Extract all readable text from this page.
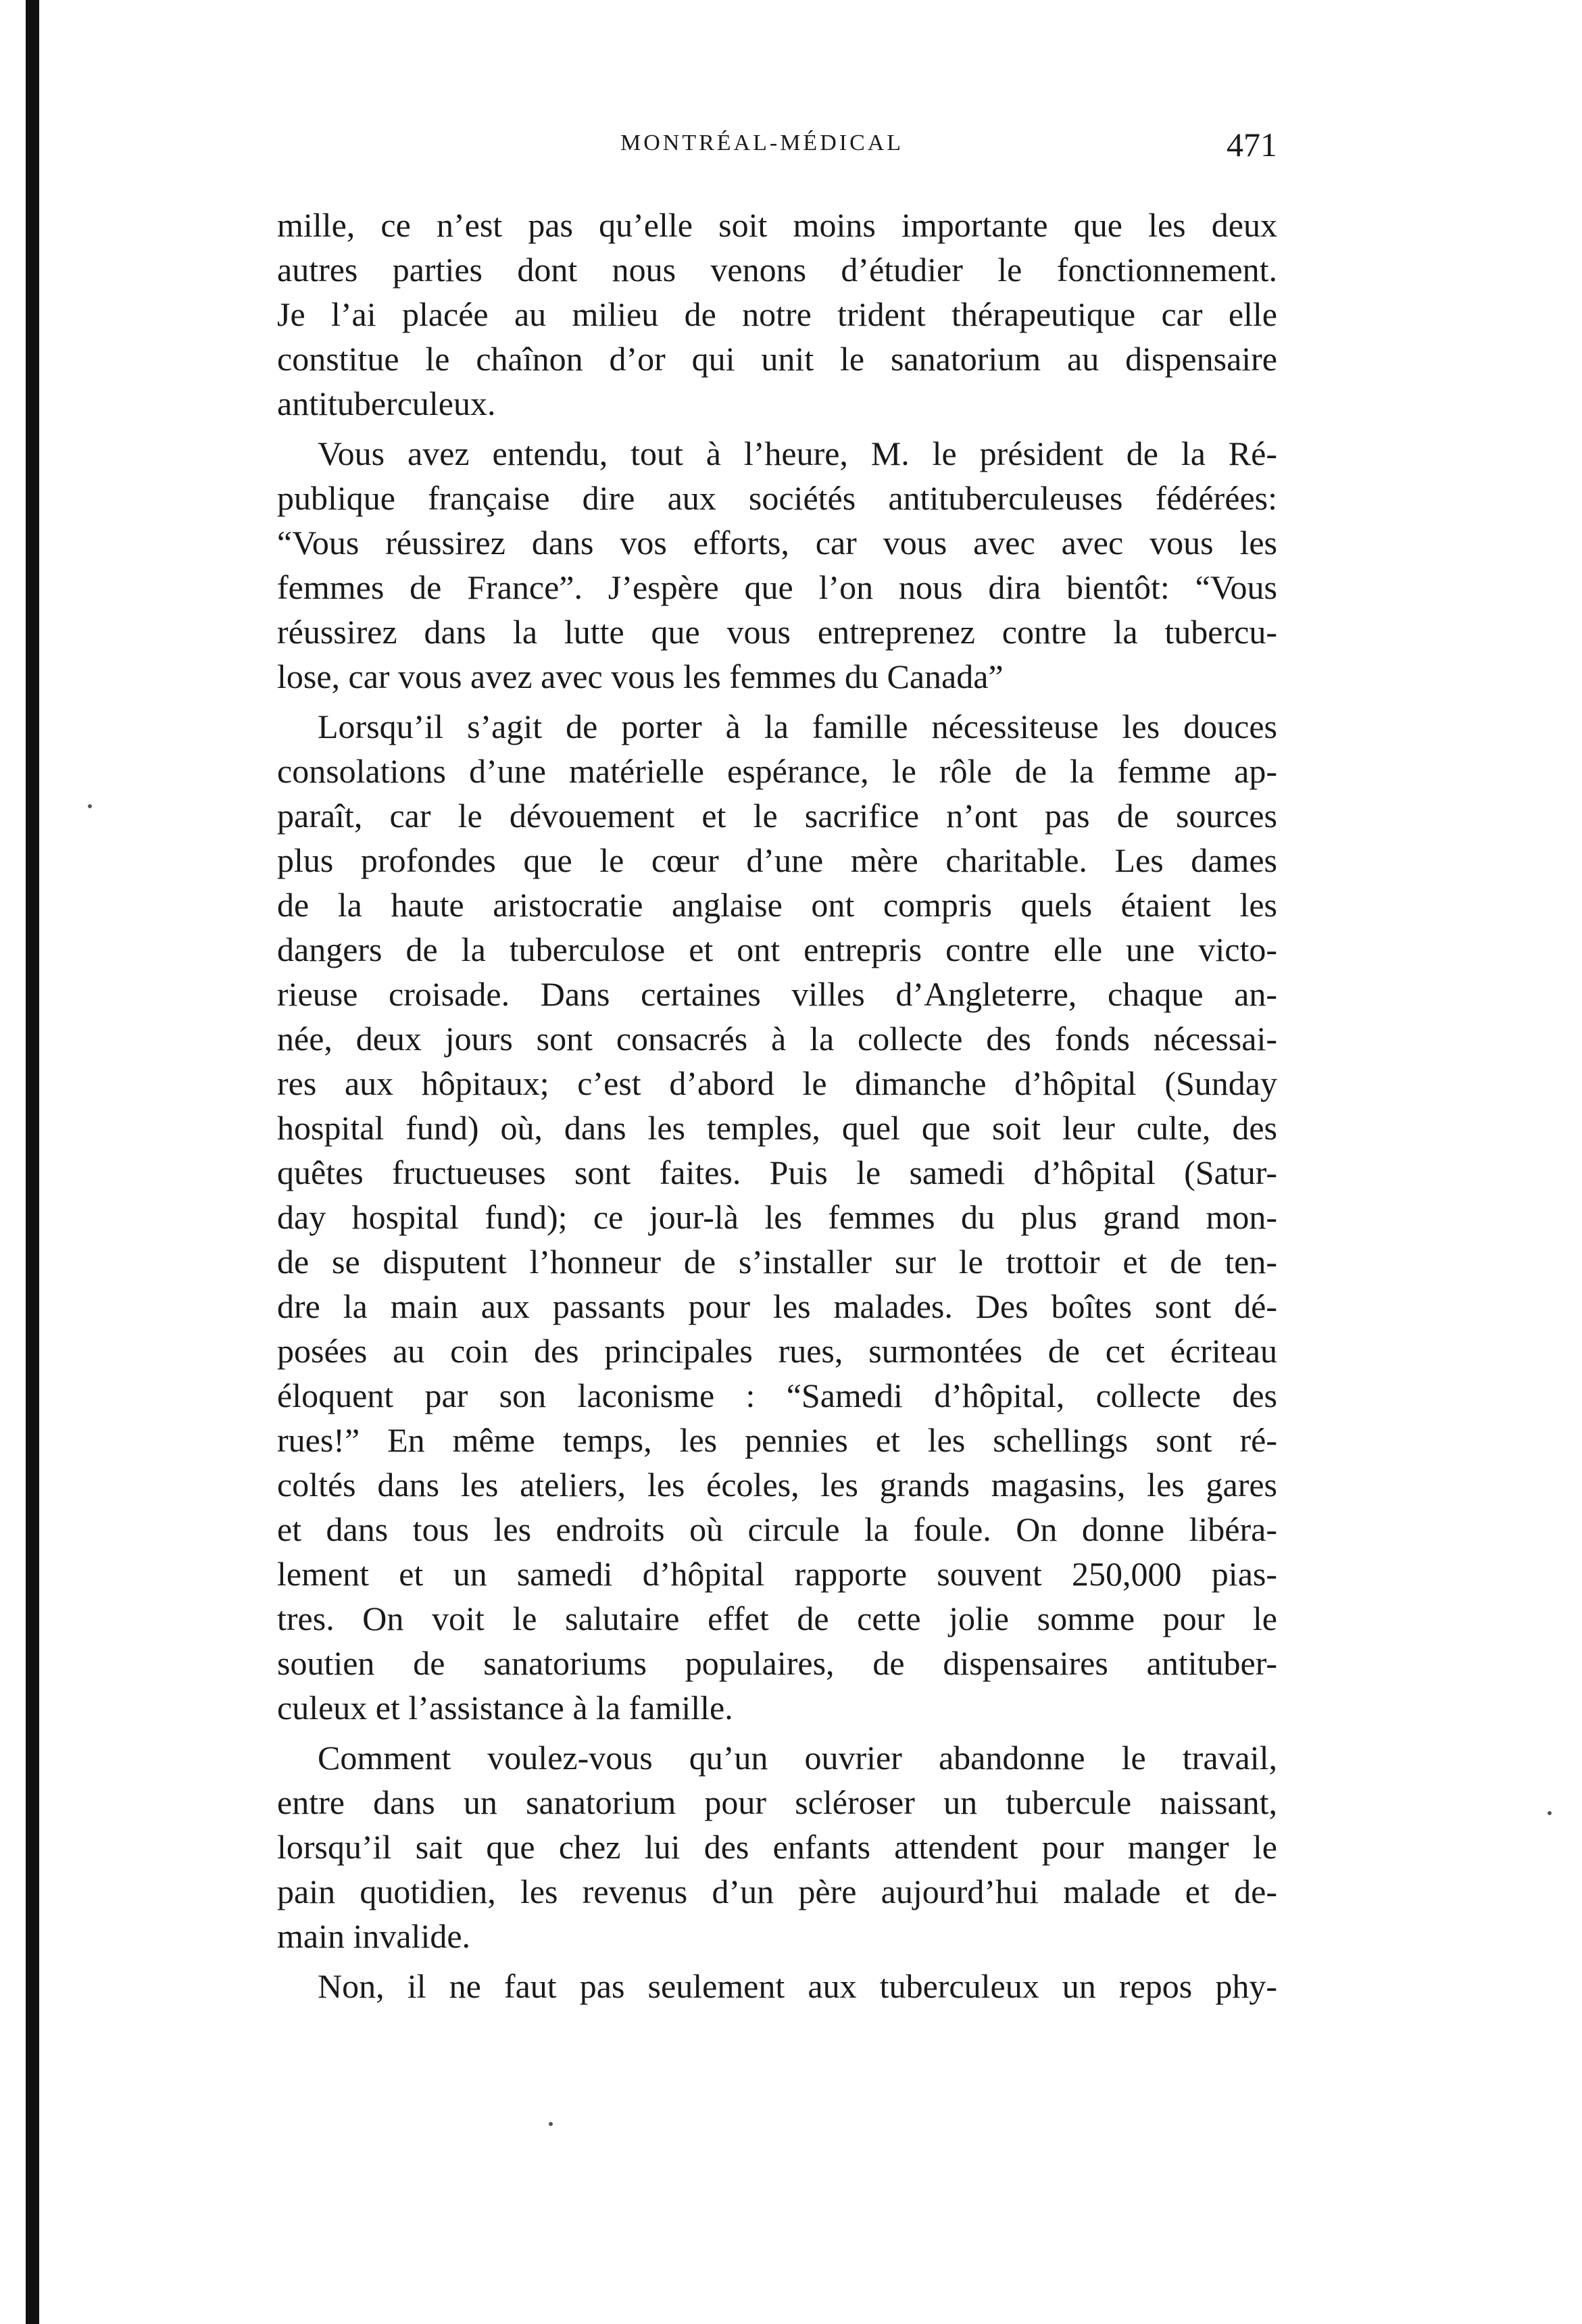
MONTRÉAL-MÉDICAL	471

mille, ce n’est pas qu’elle soit moins importante que les deux
autres parties dont nous venons d’étudier le fonctionnement.
Je l’ai placée au milieu de notre trident thérapeutique car elle
constitue le chaînon d’or qui unit le sanatorium au dispensaire
antituberculeux.

Vous avez entendu, tout à l’heure, M. le président de la Ré-
publique française dire aux sociétés antituberculeuses fédérées:
“Vous réussirez dans vos efforts, car vous avec avec vous les
femmes de France”. J’espère que l’on nous dira bientôt: “Vous
réussirez dans la lutte que vous entreprenez contre la tubercu-
lose, car vous avez avec vous les femmes du Canada”

Lorsqu’il s’agit de porter à la famille nécessiteuse les douces
consolations d’une matérielle espérance, le rôle de la femme ap-
paraît, car le dévouement et le sacrifice n’ont pas de sources
plus profondes que le cœur d’une mère charitable. Les dames
de la haute aristocratie anglaise ont compris quels étaient les
dangers de la tuberculose et ont entrepris contre elle une victo-
rieuse croisade. Dans certaines villes d’Angleterre, chaque an-
née, deux jours sont consacrés à la collecte des fonds nécessai-
res aux hôpitaux; c’est d’abord le dimanche d’hôpital (Sunday
hospital fund) où, dans les temples, quel que soit leur culte, des
quêtes fructueuses sont faites. Puis le samedi d’hôpital (Satur-
day hospital fund); ce jour-là les femmes du plus grand mon-
de se disputent l’honneur de s’installer sur le trottoir et de ten-
dre la main aux passants pour les malades. Des boîtes sont dé-
posées au coin des principales rues, surmontées de cet écriteau
éloquent par son laconisme : “Samedi d’hôpital, collecte des
rues!” En même temps, les pennies et les schellings sont ré-
coltés dans les ateliers, les écoles, les grands magasins, les gares
et dans tous les endroits où circule la foule. On donne libéra-
lement et un samedi d’hôpital rapporte souvent 250,000 pias-
tres. On voit le salutaire effet de cette jolie somme pour le
soutien de sanatoriums populaires, de dispensaires antituber-
culeux et l’assistance à la famille.

Comment voulez-vous qu’un ouvrier abandonne le travail,
entre dans un sanatorium pour scléroser un tubercule naissant,
lorsqu’il sait que chez lui des enfants attendent pour manger le
pain quotidien, les revenus d’un père aujourd’hui malade et de-
main invalide.

Non, il ne faut pas seulement aux tuberculeux un repos phy-
